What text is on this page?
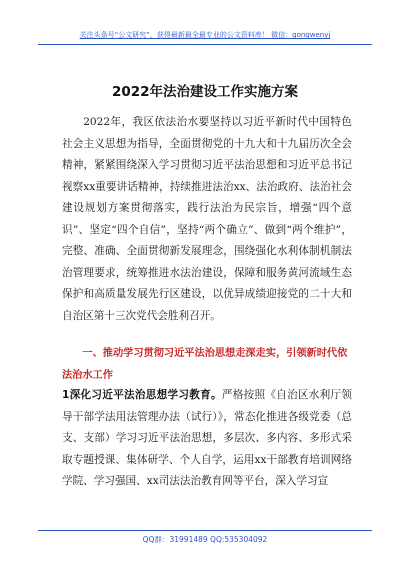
关注头条号“公文研究”，获得最新最全最专业的公文资料库！ 微信：gongwenyj
2022年法治建设工作实施方案
2022年，我区依法治水要坚持以习近平新时代中国特色社会主义思想为指导，全面贯彻党的十九大和十九届历次全会精神，紧紧围绕深入学习贯彻习近平法治思想和习近平总书记视察xx重要讲话精神，持续推进法治xx、法治政府、法治社会建设规划方案贯彻落实，践行法治为民宗旨，增强“四个意识”、坚定“四个自信”，坚持“两个确立”、做到“两个维护”，完整、准确、全面贯彻新发展理念，围绕强化水利体制机制法治管理要求，统筹推进水法治建设，保障和服务黄河流域生态保护和高质量发展先行区建设，以优异成绩迎接党的二十大和自治区第十三次党代会胜利召开。
一、推动学习贯彻习近平法治思想走深走实，引领新时代依法治水工作
1深化习近平法治思想学习教育。严格按照《自治区水利厅领导干部学法用法管理办法（试行）》，常态化推进各级党委（总支、支部）学习习近平法治思想，多层次、多内容、多形式采取专题授课、集体研学、个人自学，运用xx干部教育培训网络学院、学习强国、xx司法法治教育网等平台，深入学习宣
QQ群：31991489 QQ:535304092
